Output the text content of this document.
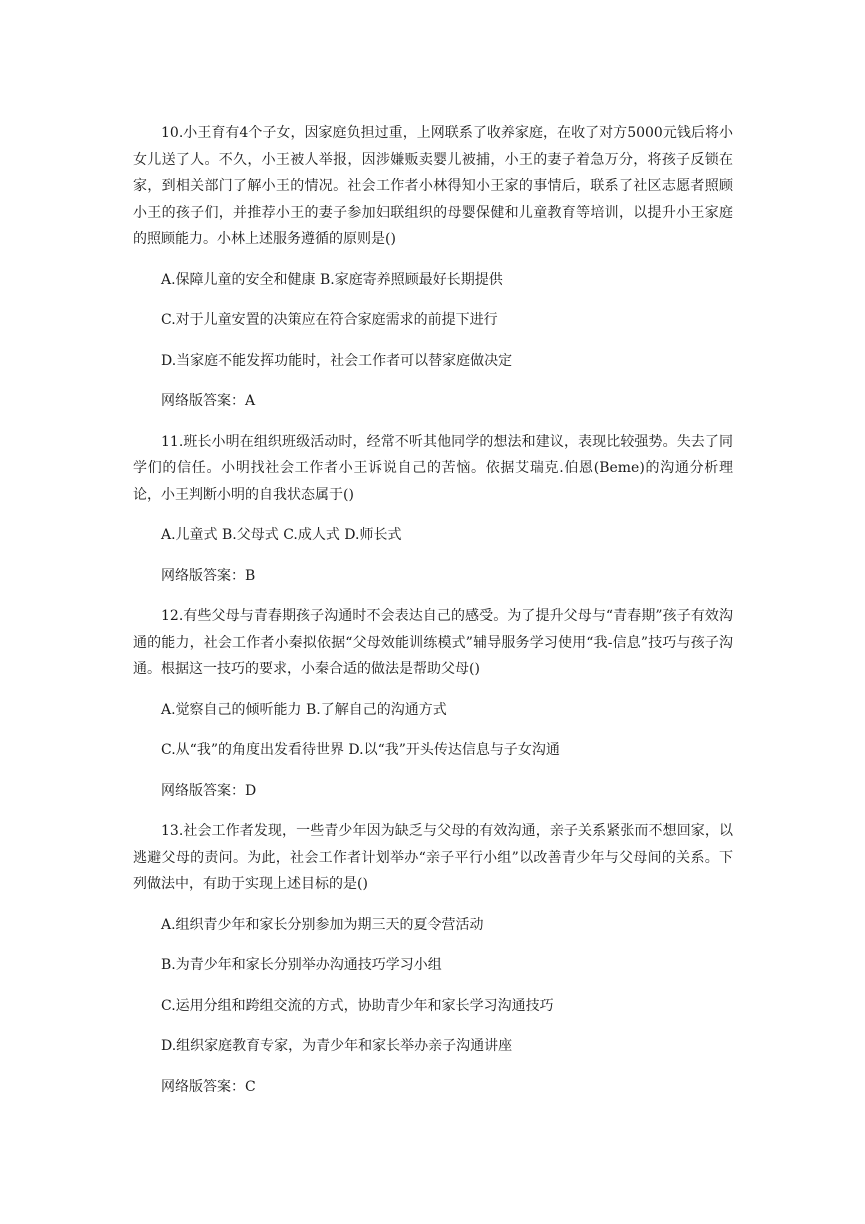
10.小王育有4个子女，因家庭负担过重，上网联系了收养家庭，在收了对方5000元钱后将小女儿送了人。不久，小王被人举报，因涉嫌贩卖婴儿被捕，小王的妻子着急万分，将孩子反锁在家，到相关部门了解小王的情况。社会工作者小林得知小王家的事情后，联系了社区志愿者照顾小王的孩子们，并推荐小王的妻子参加妇联组织的母婴保健和儿童教育等培训，以提升小王家庭的照顾能力。小林上述服务遵循的原则是()

A.保障儿童的安全和健康 B.家庭寄养照顾最好长期提供

C.对于儿童安置的决策应在符合家庭需求的前提下进行

D.当家庭不能发挥功能时，社会工作者可以替家庭做决定

网络版答案：A

11.班长小明在组织班级活动时，经常不听其他同学的想法和建议，表现比较强势。失去了同学们的信任。小明找社会工作者小王诉说自己的苦恼。依据艾瑞克.伯恩(Beme)的沟通分析理论，小王判断小明的自我状态属于()

A.儿童式 B.父母式 C.成人式 D.师长式

网络版答案：B

12.有些父母与青春期孩子沟通时不会表达自己的感受。为了提升父母与“青春期”孩子有效沟通的能力，社会工作者小秦拟依据“父母效能训练模式”辅导服务学习使用“我-信息”技巧与孩子沟通。根据这一技巧的要求，小秦合适的做法是帮助父母()

A.觉察自己的倾听能力 B.了解自己的沟通方式

C.从“我”的角度出发看待世界 D.以“我”开头传达信息与子女沟通

网络版答案：D

13.社会工作者发现，一些青少年因为缺乏与父母的有效沟通，亲子关系紧张而不想回家，以逃避父母的责问。为此，社会工作者计划举办“亲子平行小组”以改善青少年与父母间的关系。下列做法中，有助于实现上述目标的是()

A.组织青少年和家长分别参加为期三天的夏令营活动

B.为青少年和家长分别举办沟通技巧学习小组

C.运用分组和跨组交流的方式，协助青少年和家长学习沟通技巧

D.组织家庭教育专家，为青少年和家长举办亲子沟通讲座

网络版答案：C
